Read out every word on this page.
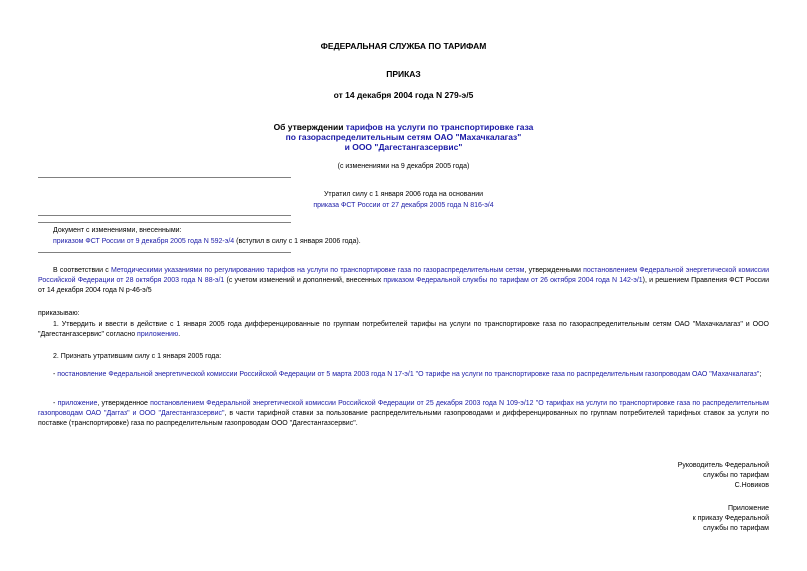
ФЕДЕРАЛЬНАЯ СЛУЖБА ПО ТАРИФАМ
ПРИКАЗ
от 14 декабря 2004 года N 279-э/5
Об утверждении тарифов на услуги по транспортировке газа
по газораспределительным сетям ОАО "Махачкалагаз"
и ООО "Дагестангазсервис"
(с изменениями на 9 декабря 2005 года)
Утратил силу с 1 января 2006 года на основании
приказа ФСТ России от 27 декабря 2005 года N 816-э/4
Документ с изменениями, внесенными:
приказом ФСТ России от 9 декабря 2005 года N 592-э/4 (вступил в силу с 1 января 2006 года).
В соответствии с Методическими указаниями по регулированию тарифов на услуги по транспортировке газа по газораспределительным сетям, утвержденными постановлением Федеральной энергетической комиссии Российской Федерации от 28 октября 2003 года N 88-э/1 (с учетом изменений и дополнений, внесенных приказом Федеральной службы по тарифам от 26 октября 2004 года N 142-э/1), и решением Правления ФСТ России от 14 декабря 2004 года N р-46-э/5
приказываю:
1. Утвердить и ввести в действие с 1 января 2005 года дифференцированные по группам потребителей тарифы на услуги по транспортировке газа по газораспределительным сетям ОАО "Махачкалагаз" и ООО "Дагестангазсервис" согласно приложению.
2. Признать утратившим силу с 1 января 2005 года:
- постановление Федеральной энергетической комиссии Российской Федерации от 5 марта 2003 года N 17-э/1 "О тарифе на услуги по транспортировке газа по распределительным газопроводам ОАО "Махачкалагаз";
- приложение, утвержденное постановлением Федеральной энергетической комиссии Российской Федерации от 25 декабря 2003 года N 109-э/12 "О тарифах на услуги по транспортировке газа по распределительным газопроводам ОАО "Даггаз" и ООО "Дагестангазсервис", в части тарифной ставки за пользование распределительными газопроводами и дифференцированных по группам потребителей тарифных ставок за услуги по поставке (транспортировке) газа по распределительным газопроводам ООО "Дагестангазсервис".
Руководитель Федеральной
службы по тарифам
С.Новиков
Приложение
к приказу Федеральной
службы по тарифам
